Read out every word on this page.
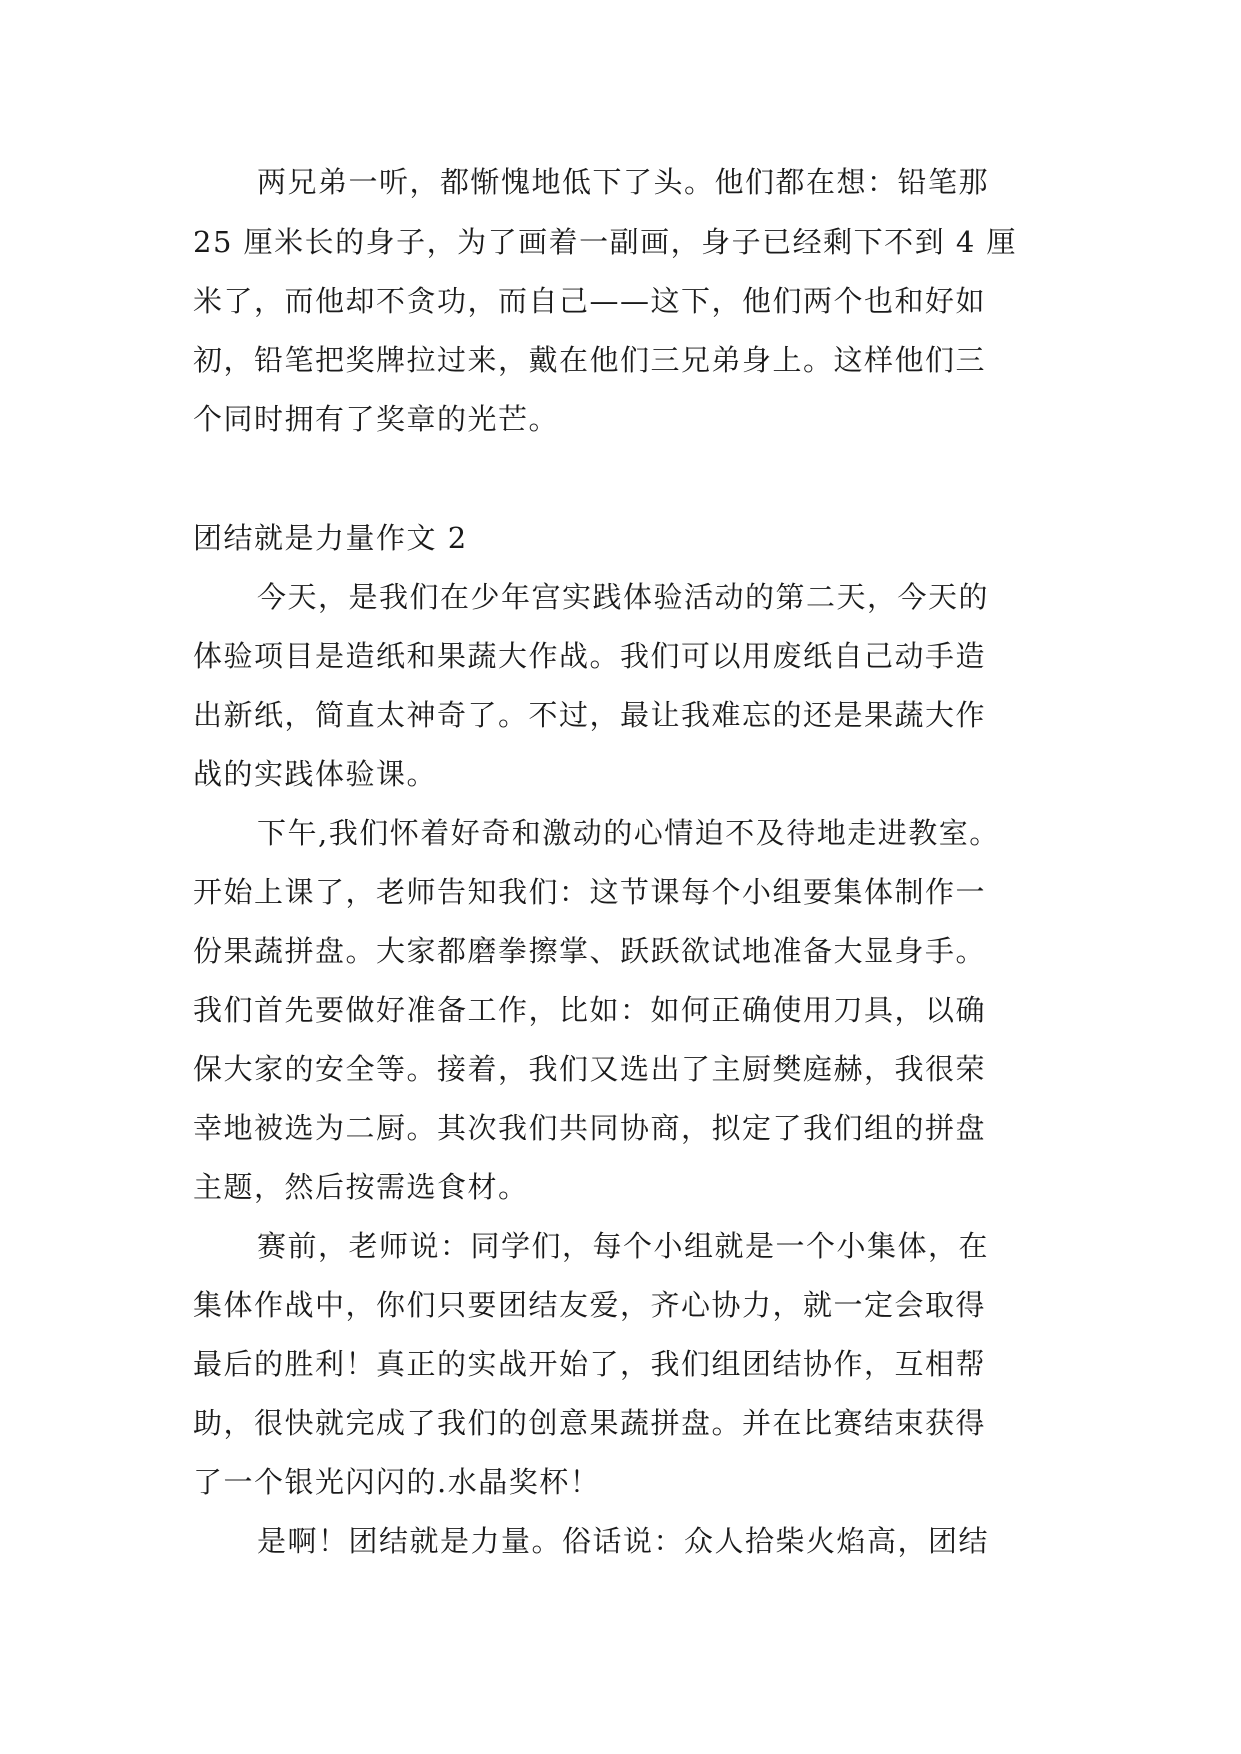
两兄弟一听，都惭愧地低下了头。他们都在想：铅笔那
25 厘米长的身子，为了画着一副画，身子已经剩下不到 4 厘
米了，而他却不贪功，而自己——这下，他们两个也和好如
初，铅笔把奖牌拉过来，戴在他们三兄弟身上。这样他们三
个同时拥有了奖章的光芒。
团结就是力量作文 2
今天，是我们在少年宫实践体验活动的第二天，今天的
体验项目是造纸和果蔬大作战。我们可以用废纸自己动手造
出新纸，简直太神奇了。不过，最让我难忘的还是果蔬大作
战的实践体验课。
下午,我们怀着好奇和激动的心情迫不及待地走进教室。
开始上课了，老师告知我们：这节课每个小组要集体制作一
份果蔬拼盘。大家都磨拳擦掌、跃跃欲试地准备大显身手。
我们首先要做好准备工作，比如：如何正确使用刀具，以确
保大家的安全等。接着，我们又选出了主厨樊庭赫，我很荣
幸地被选为二厨。其次我们共同协商，拟定了我们组的拼盘
主题，然后按需选食材。
赛前，老师说：同学们，每个小组就是一个小集体，在
集体作战中，你们只要团结友爱，齐心协力，就一定会取得
最后的胜利！真正的实战开始了，我们组团结协作，互相帮
助，很快就完成了我们的创意果蔬拼盘。并在比赛结束获得
了一个银光闪闪的.水晶奖杯！
是啊！团结就是力量。俗话说：众人拾柴火焰高，团结
